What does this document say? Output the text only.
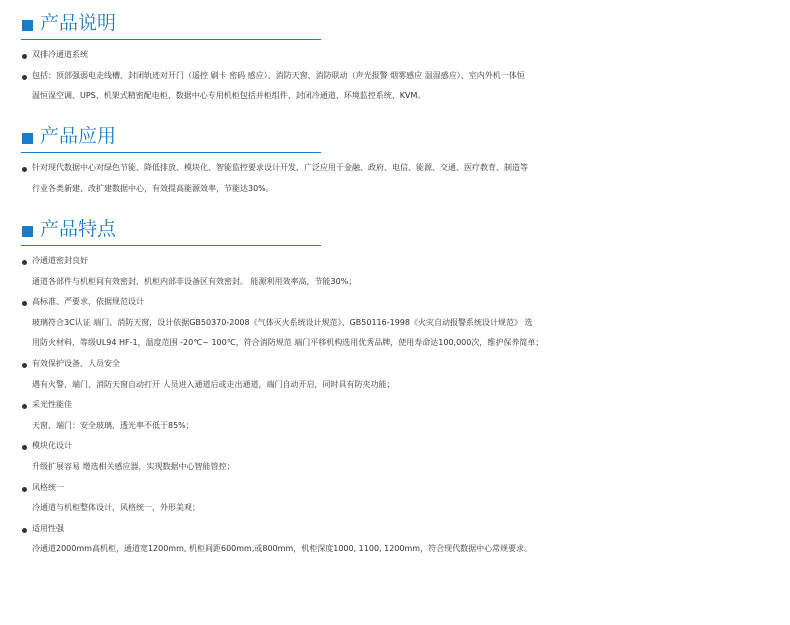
产品说明
双排冷通道系统
包括：顶部强弱电走线槽、封闭轨迹对开门（遥控 刷卡 密码 感应）、消防天窗、消防联动（声光报警 烟雾感应 温湿感应）、室内外机一体恒
温恒湿空调、UPS、机架式精密配电柜、数据中心专用机柜包括并柜组件、封闭冷通道、环境监控系统、KVM。
产品应用
针对现代数据中心对绿色节能、降低排放、模块化、智能监控要求设计开发，广泛应用于金融、政府、电信、能源、交通、医疗教育、制造等
行业各类新建、改扩建数据中心，有效提高能源效率，节能达30%。
产品特点
冷通道密封良好
通道各部件与机柜间有效密封，机柜内部非设备区有效密封。 能源利用效率高，节能30%；
高标准、严要求，依据规范设计
玻璃符合3C认证 端门、消防天窗，设计依据GB50370-2008《气体灭火系统设计规范》、GB50116-1998《火灾自动报警系统设计规范》 选
用防火材料，等级UL94 HF-1，温度范围 -20℃~ 100℃，符合消防规范 端门平移机构选用优秀品牌，使用寿命达100,000次，维护保养简单；
有效保护设备、人员安全
遇有火警，端门、消防天窗自动打开 人员进入通道后或走出通道，端门自动开启，同时具有防夹功能；
采光性能佳
天窗、端门：安全玻璃，透光率不低于85%；
模块化设计
升级扩展容易 增选相关感应器，实现数据中心智能管控；
风格统一
冷通道与机柜整体设计，风格统一，外形美观；
适用性强
冷通道2000mm高机柜，通道宽1200mm, 机柜间距600mm,或800mm，机柜深度1000, 1100, 1200mm，符合现代数据中心常规要求。
